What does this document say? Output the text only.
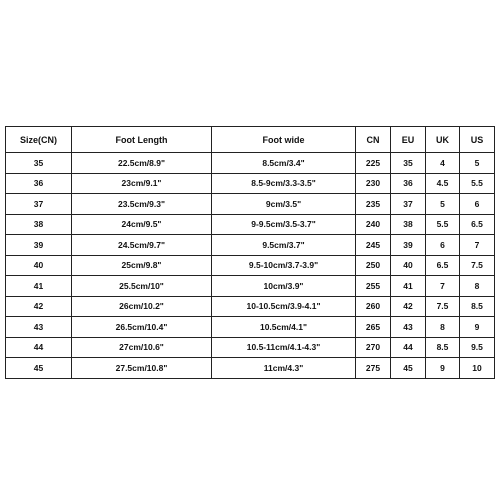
Size(CN)	Foot Length	Foot wide	CN	EU	UK	US
35	22.5cm/8.9"	8.5cm/3.4"	225	35	4	5
36	23cm/9.1"	8.5-9cm/3.3-3.5"	230	36	4.5	5.5
37	23.5cm/9.3"	9cm/3.5"	235	37	5	6
38	24cm/9.5"	9-9.5cm/3.5-3.7"	240	38	5.5	6.5
39	24.5cm/9.7"	9.5cm/3.7"	245	39	6	7
40	25cm/9.8"	9.5-10cm/3.7-3.9"	250	40	6.5	7.5
41	25.5cm/10"	10cm/3.9"	255	41	7	8
42	26cm/10.2"	10-10.5cm/3.9-4.1"	260	42	7.5	8.5
43	26.5cm/10.4"	10.5cm/4.1"	265	43	8	9
44	27cm/10.6"	10.5-11cm/4.1-4.3"	270	44	8.5	9.5
45	27.5cm/10.8"	11cm/4.3"	275	45	9	10
